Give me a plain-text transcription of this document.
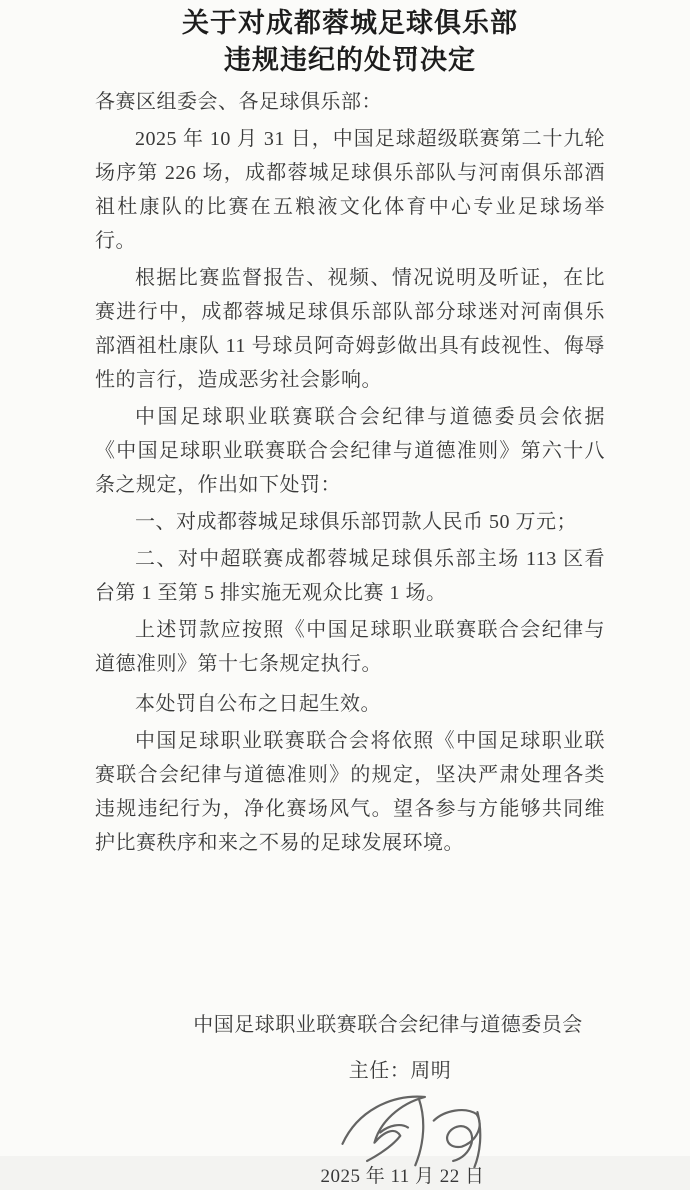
关于对成都蓉城足球俱乐部
违规违纪的处罚决定
各赛区组委会、各足球俱乐部：

2025 年 10 月 31 日，中国足球超级联赛第二十九轮场序第 226 场，成都蓉城足球俱乐部队与河南俱乐部酒祖杜康队的比赛在五粮液文化体育中心专业足球场举行。

根据比赛监督报告、视频、情况说明及听证，在比赛进行中，成都蓉城足球俱乐部队部分球迷对河南俱乐部酒祖杜康队 11 号球员阿奇姆彭做出具有歧视性、侮辱性的言行，造成恶劣社会影响。

中国足球职业联赛联合会纪律与道德委员会依据《中国足球职业联赛联合会纪律与道德准则》第六十八条之规定，作出如下处罚：

一、对成都蓉城足球俱乐部罚款人民币 50 万元；

二、对中超联赛成都蓉城足球俱乐部主场 113 区看台第 1 至第 5 排实施无观众比赛 1 场。

上述罚款应按照《中国足球职业联赛联合会纪律与道德准则》第十七条规定执行。

本处罚自公布之日起生效。

中国足球职业联赛联合会将依照《中国足球职业联赛联合会纪律与道德准则》的规定，坚决严肃处理各类违规违纪行为，净化赛场风气。望各参与方能够共同维护比赛秩序和来之不易的足球发展环境。

中国足球职业联赛联合会纪律与道德委员会
主任：周明
2025 年 11 月 22 日
